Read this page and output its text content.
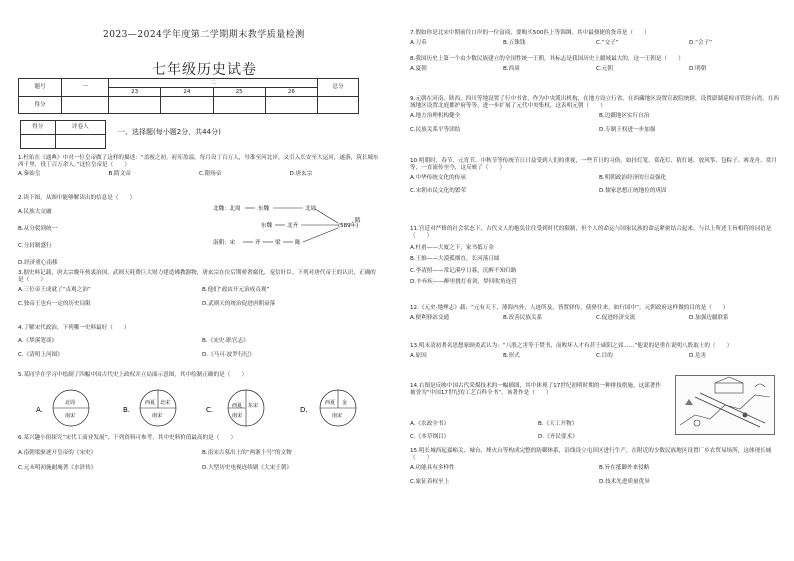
2023—2024学年度第二学期期末教学质量检测
七年级历史试卷
题号	一	二				总分
		23	24	25	26	
得分						
得分	评卷人

一、选择题(每小题2分，共44分)
1.杜佑在《通典》中对一位皇帝做了这样的描述：“盖视之初，府库盈溢，每月设丁百万人，导淮至河北岸，又引入长安至大运河，遂游，筑长城东西千里，役丁百万余人。”这位皇帝是（　　）
A.秦始皇	B.隋文帝	C.隋炀帝	D.唐玄宗
2.读下图，从图中能够解读出的信息是（　　）
A.民族大交融
B.从分裂到统一
C.分封制盛行
D.经济重心南移
北魏：北周	东魏	北周
东魏	北齐	(589年)
南朝：宋	齐	梁	陈
隋
3.据史料记载，唐太宗晚年热衷治国，武则天耗费巨大财力建造佛教器物，唐玄宗在位后期骄奢腐化、宠信奸臣。下列对唐代帝王的认识，正确的是（　　）
A.三位帝王成就了“贞观之治”	B.他们“政由开元治成贞观”
C.独帝王也有一定的历史局限	D.武则天的统治促进唐朝衰落
4.了解宋代政治，下列哪一史料最好（　　）
A.《梦溪笔谈》	B.《宋史·职官志》
C.《清明上河图》	D.《马可·波罗行纪》
5.某同学在学习中绘制了四幅中国古代史上政权并立局面示意图，其中绘制正确的是（　　）
A.
北周
南宋
B.
西夏 北宋
南宋
C.	西夏 东宋
南宋
D.
西夏 金
南宋
6.某兴趣小组探究“宋代工商业发展”，下列资料可参考，其中史料价值最高的是（　　）
A.南朝梁驱逐开皇帝的《宋史》	B.南宋古墓出土的“两浙十号”的文物
C.元末明初施耐庵著《水浒传》	D.大型历史电视连续剧《大宋王朝》
7.假如你是北宋中期前往口岸的一位富商，要购买500匹上等锦绸，其中最便捷的货币是（　　）
A.刀币	B.五铢钱	C.“交子”	D.“会子”
8.我国历史上第一个由少数民族建立的全国性统一王朝，其标志是我国历史上疆域最大的，这一王朝是（　　）
A.夏朝	B.西周	C.元朝	D.明朝
9.元朝在河南、陕西、四川等地设置了行中书省，作为中央派出机构，在地方设立行省，在西藏地区设置宣政院统辖，设置澎湖巡检司管辖台湾，在西域地区设置北庭都护府等等，进一步扩展了元代中央集权，这表明元朝（　　）
A.地方治理机构健全	B.边疆地区实行自治
C.民族关系平等团结	D.专制王权进一步加强
10.明朝时，春节、元宵节、中秋节等传统节日日益受到人们的重视，一些节日的习俗，如挂灯笼、赏花灯、猜灯谜、放风筝、包粽子、赛龙舟、赏月等，一直流传至今，这反映了（　　）
A.中华传统文化的传承	B.明朝政治经济的日益强化
C.宋朝市民文化的繁荣	D.儒家思想正统地位的巩固
11.宫廷对严格的社会状态下，古代文人的抱负往往受到时代的限制，但个人的命运与国家民族的命运紧密结合起来，与以上所述主旨相符的词语是（　　）
A.杜甫——大厦之下，家书抵万金
B.王维——大漠孤烟直，长河落日圆
C.李清照——常记溪亭日暮，沉醉不知归路
D.辛弃疾——醉里挑灯看剑，梦回吹角连营
12.《元史·地理志》载：“元有天下，薄海内外，人迹所及，皆置驿传，使驿往来，如行国中”。元朝政府这样做的目的是（　　）
A.便利驿站交通	B.改善民族关系	C.促进经济交流	D.加强边疆联系
13.明末清初著名思想家顾炎武认为：“八股之害等于焚书，而败坏人才有甚于咸阳之郊……”他说的是重在说明八股取士的（　　）
A.原因	B.形式	C.目的	D.危害
14.右图是反映中国古代采煤技术的一幅插图，其中体现了17世纪初明时期的一种排技措施，这部著作被誉为“中国17世纪的工艺百科全书”。该著作是（　　）
A.《农政全书》	B.《天工开物》
C.《本草纲目》	D.《齐民要术》
15.明长城西起嘉峪关、城台、烽火台等构成完整的防御体系，沿线设立屯田区进行生产，在附近的少数民族地区设置厂乡农贸易场所，这体现长城（　　）
A.功能具有多样性	B.旨在抵御外来侵略
C.象征着权至上	D.技术先进质量优异
